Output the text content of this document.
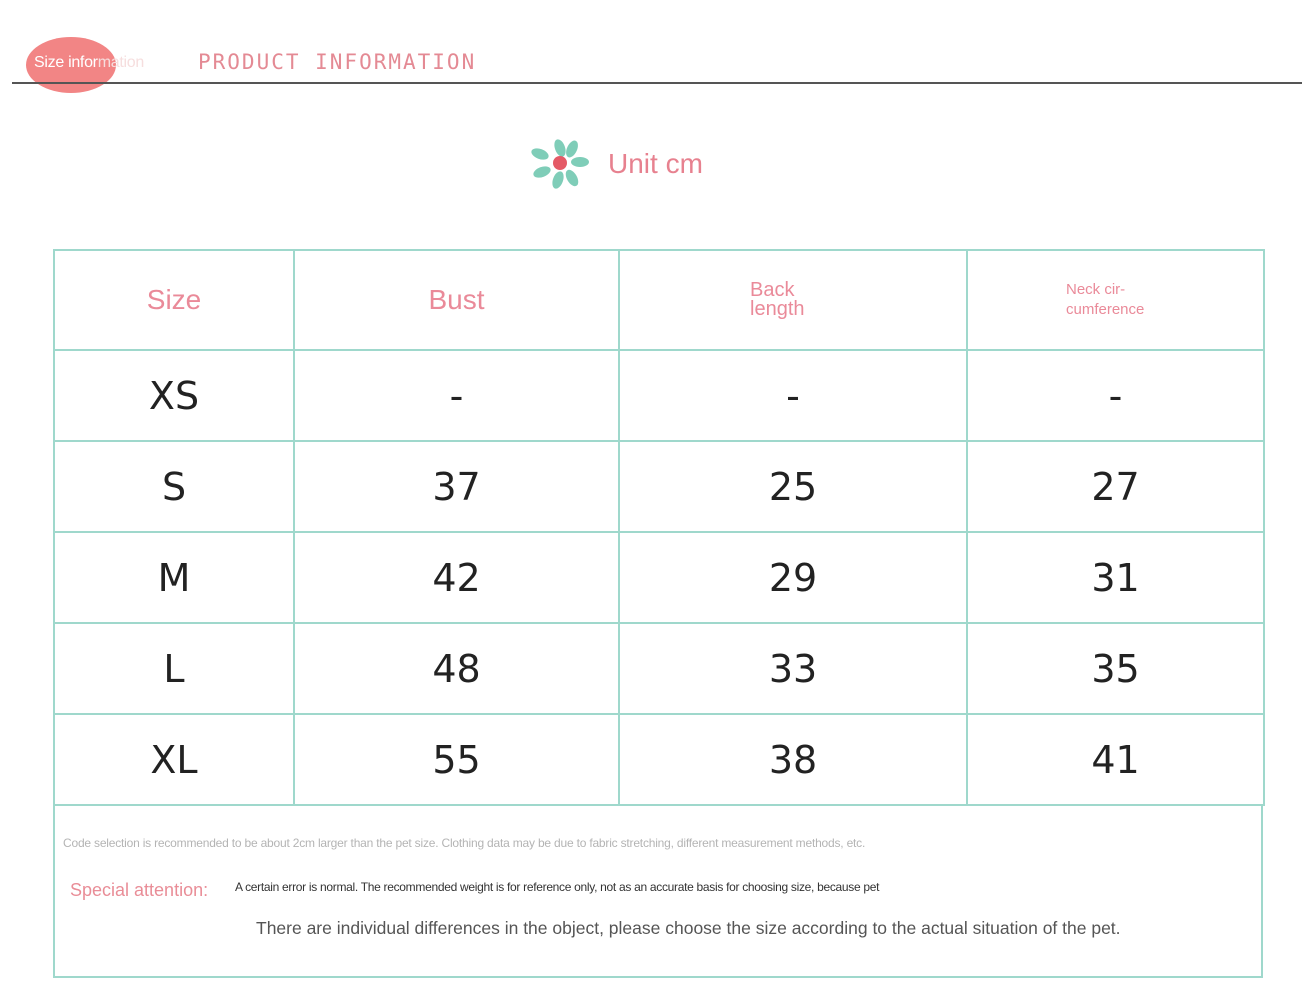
Size information	PRODUCT INFORMATION
Unit cm
Size	Bust	Back length	Neck cir- cumference
XS	-	-	-
S	37	25	27
M	42	29	31
L	48	33	35
XL	55	38	41
Code selection is recommended to be about 2cm larger than the pet size. Clothing data may be due to fabric stretching, different measurement methods, etc.
Special attention: A certain error is normal. The recommended weight is for reference only, not as an accurate basis for choosing size, because pet
There are individual differences in the object, please choose the size according to the actual situation of the pet.
